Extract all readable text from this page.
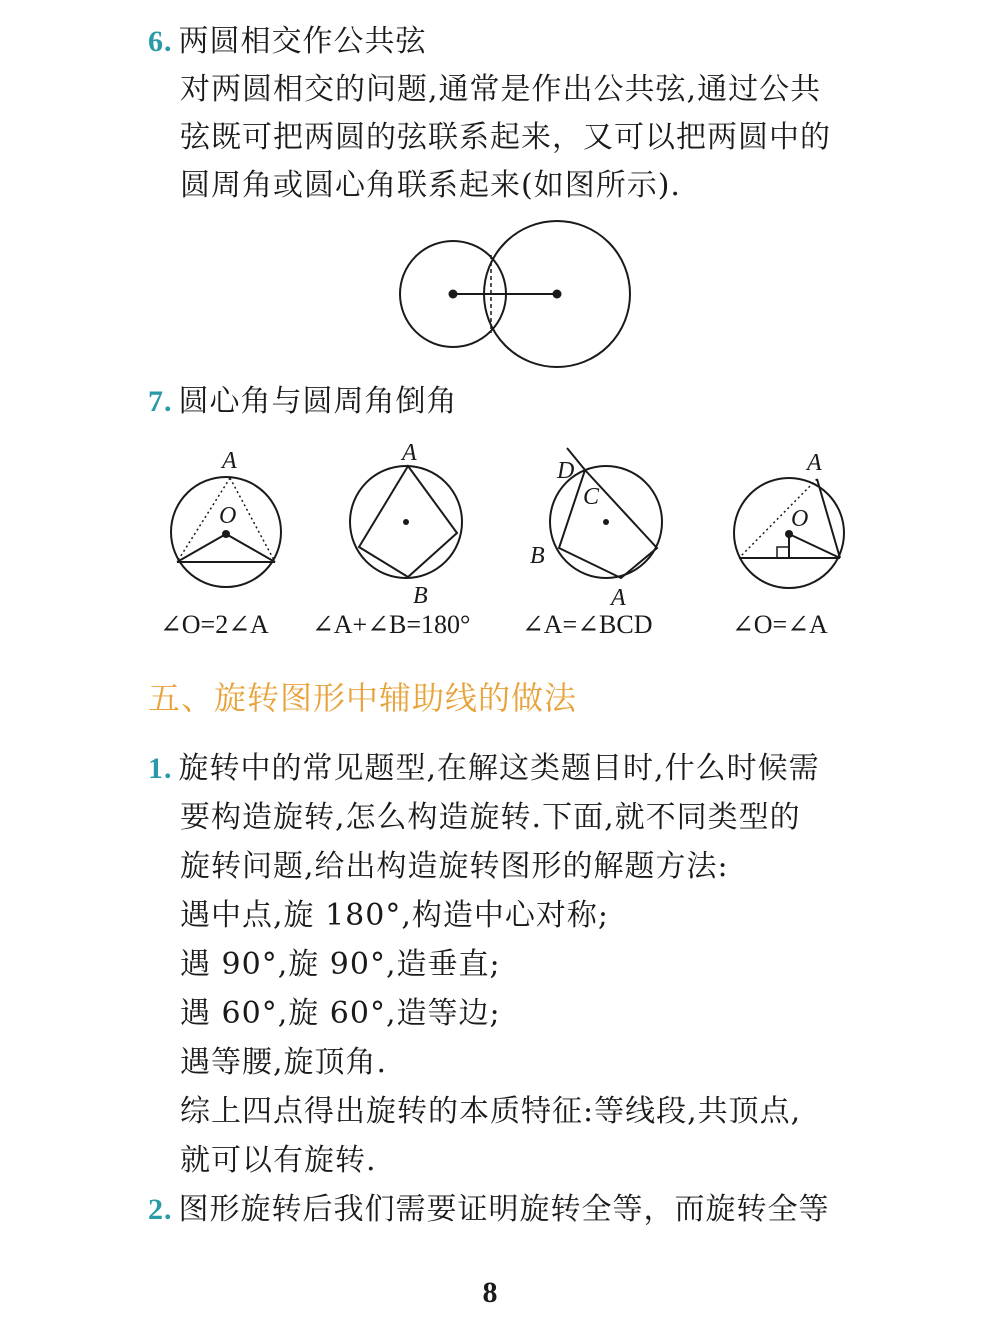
6. 两圆相交作公共弦
对两圆相交的问题,通常是作出公共弦,通过公共
弦既可把两圆的弦联系起来，又可以把两圆中的
圆周角或圆心角联系起来(如图所示).
7. 圆心角与圆周角倒角
A
O
∠O=2∠A
A
B
∠A+∠B=180°
D
C
B
A
∠A=∠BCD
A
O
∠O=∠A
五、旋转图形中辅助线的做法
1. 旋转中的常见题型,在解这类题目时,什么时候需
要构造旋转,怎么构造旋转.下面,就不同类型的
旋转问题,给出构造旋转图形的解题方法:
遇中点,旋 180°,构造中心对称;
遇 90°,旋 90°,造垂直;
遇 60°,旋 60°,造等边;
遇等腰,旋顶角.
综上四点得出旋转的本质特征:等线段,共顶点,
就可以有旋转.
2. 图形旋转后我们需要证明旋转全等，而旋转全等
8
